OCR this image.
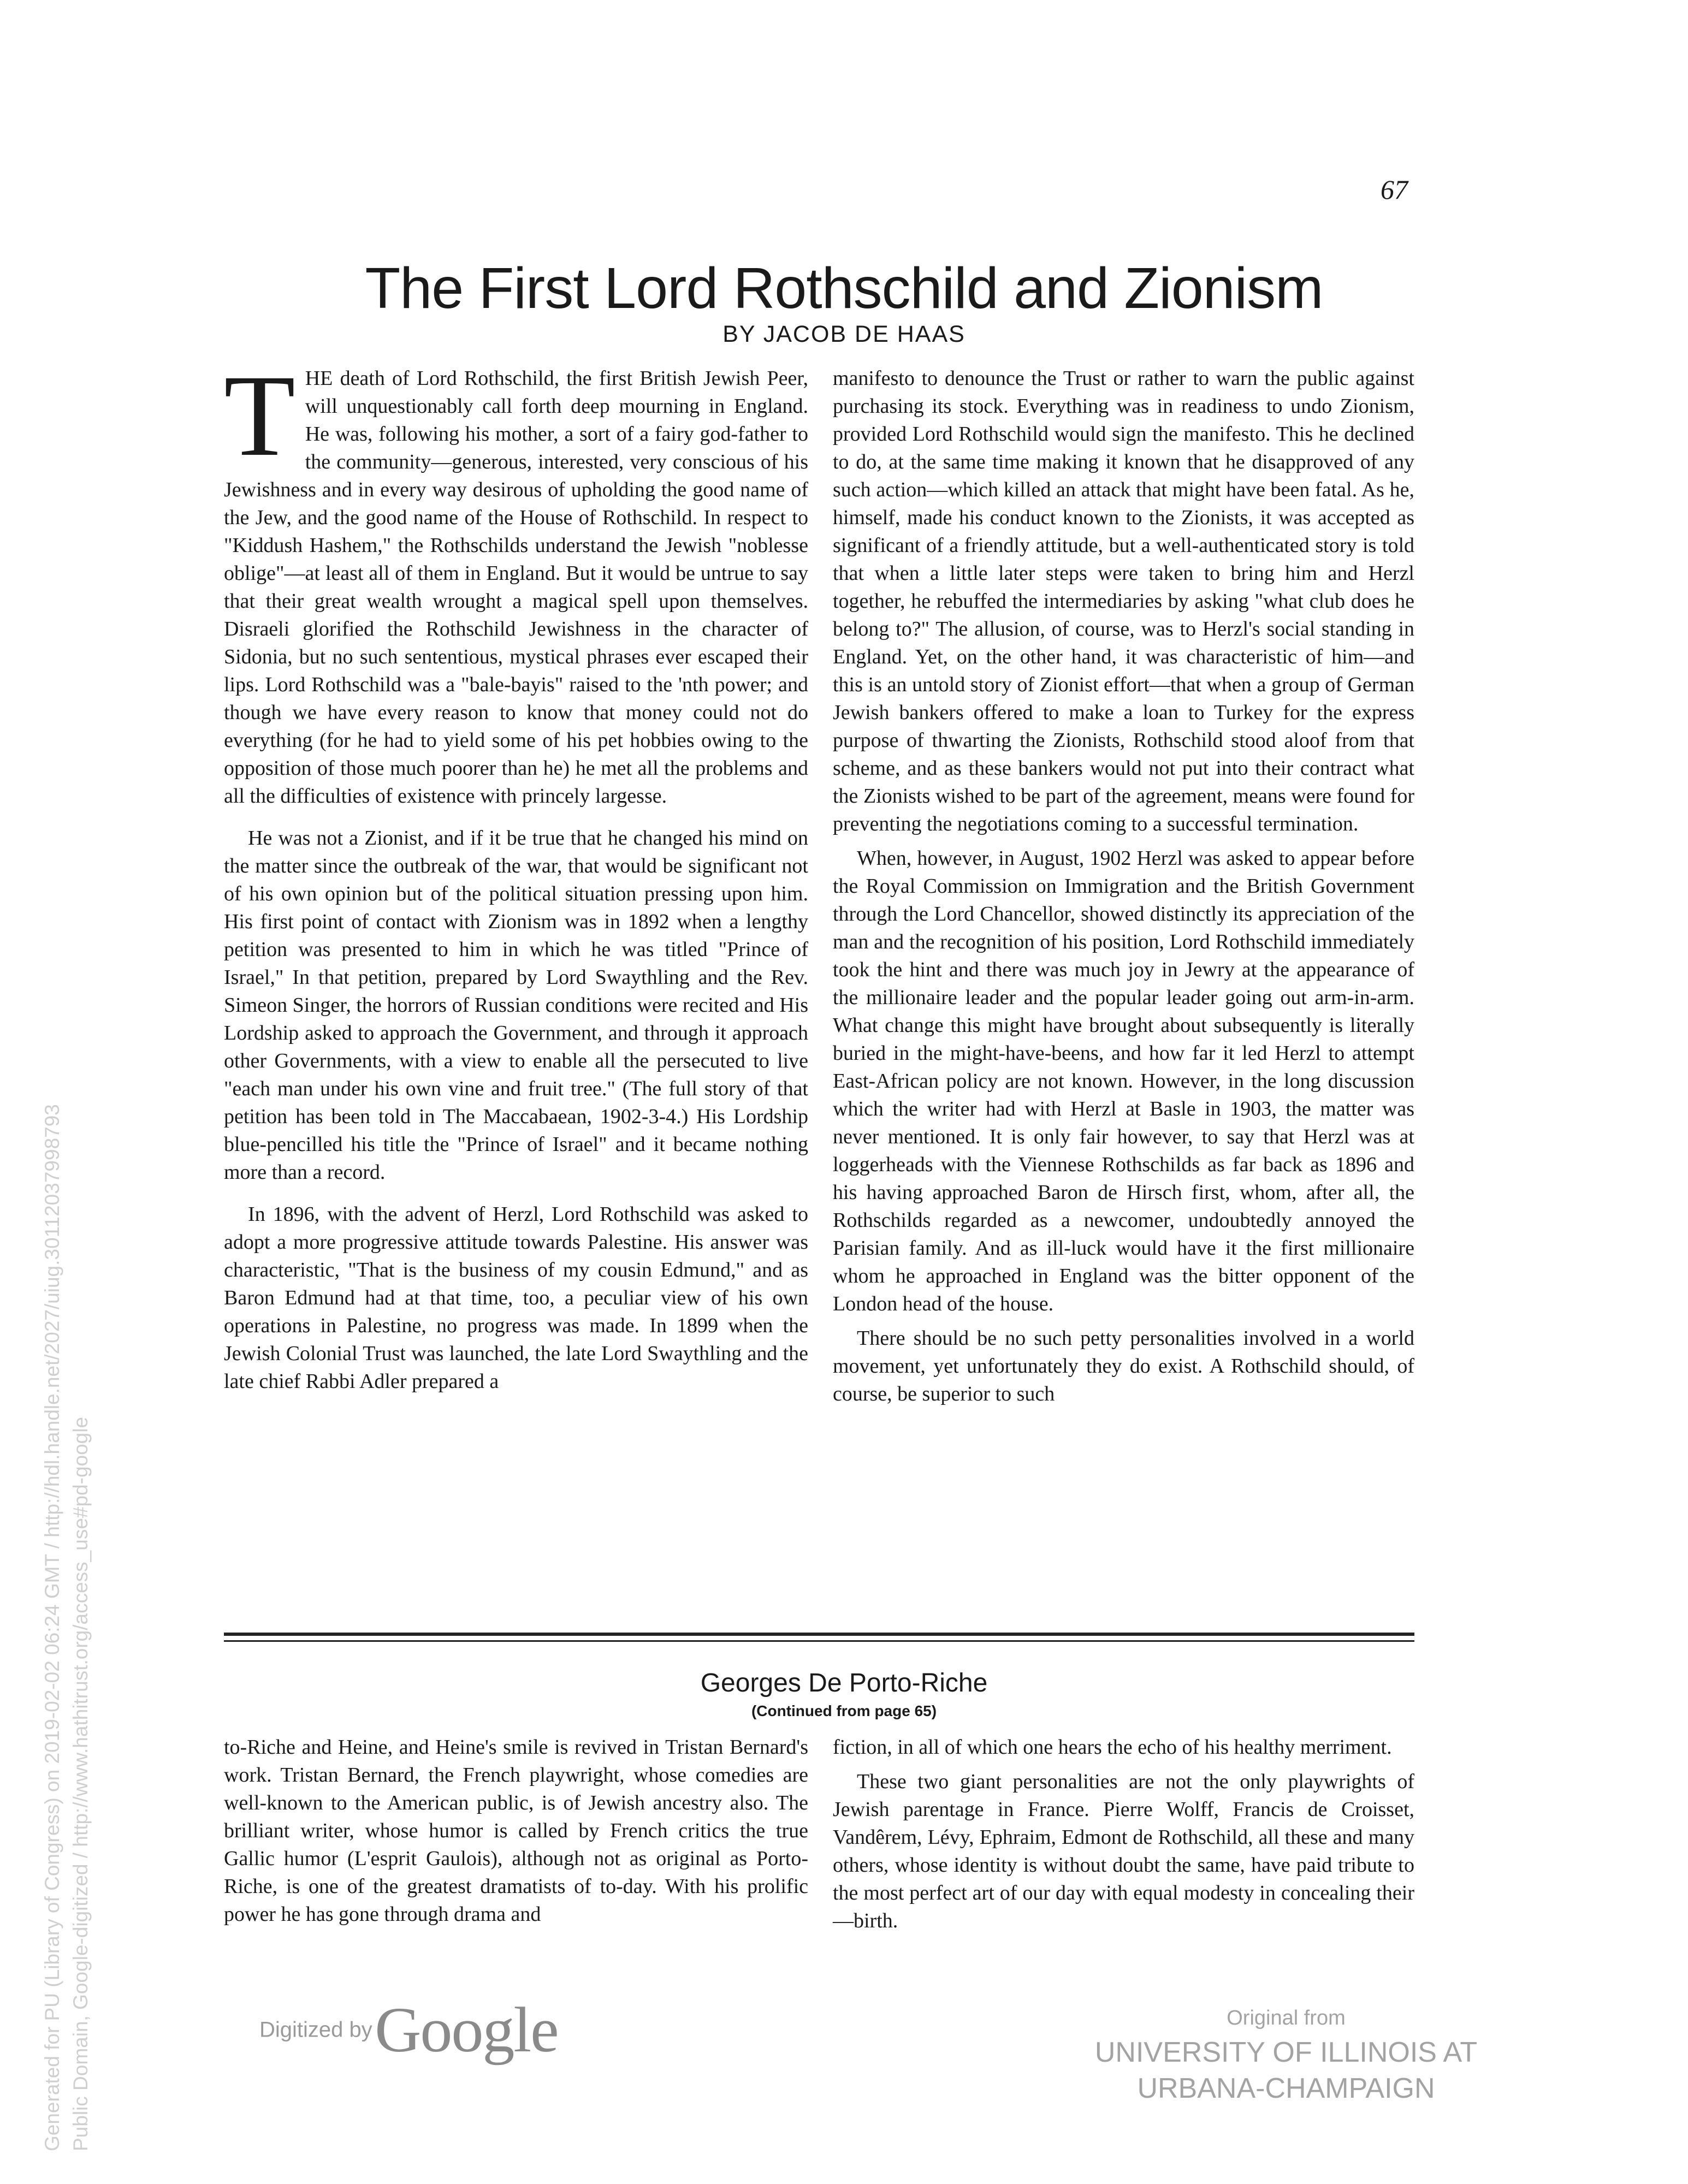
67
The First Lord Rothschild and Zionism
BY JACOB DE HAAS

THE death of Lord Rothschild, the first British Jewish Peer, will unquestionably call forth deep mourning in England. He was, following his mother, a sort of a fairy god-father to the community—generous, interested, very conscious of his Jewishness and in every way desirous of upholding the good name of the Jew, and the good name of the House of Rothschild. In respect to "Kiddush Hashem," the Rothschilds understand the Jewish "noblesse oblige"—at least all of them in England. But it would be untrue to say that their great wealth wrought a magical spell upon themselves. Disraeli glorified the Rothschild Jewishness in the character of Sidonia, but no such sententious, mystical phrases ever escaped their lips. Lord Rothschild was a "bale-bayis" raised to the 'nth power; and though we have every reason to know that money could not do everything (for he had to yield some of his pet hobbies owing to the opposition of those much poorer than he) he met all the problems and all the difficulties of existence with princely largesse.

He was not a Zionist, and if it be true that he changed his mind on the matter since the outbreak of the war, that would be significant not of his own opinion but of the political situation pressing upon him. His first point of contact with Zionism was in 1892 when a lengthy petition was presented to him in which he was titled "Prince of Israel," In that petition, prepared by Lord Swaythling and the Rev. Simeon Singer, the horrors of Russian conditions were recited and His Lordship asked to approach the Government, and through it approach other Governments, with a view to enable all the persecuted to live "each man under his own vine and fruit tree." (The full story of that petition has been told in The Maccabaean, 1902-3-4.) His Lordship blue-pencilled his title the "Prince of Israel" and it became nothing more than a record.

In 1896, with the advent of Herzl, Lord Rothschild was asked to adopt a more progressive attitude towards Palestine. His answer was characteristic, "That is the business of my cousin Edmund," and as Baron Edmund had at that time, too, a peculiar view of his own operations in Palestine, no progress was made. In 1899 when the Jewish Colonial Trust was launched, the late Lord Swaythling and the late chief Rabbi Adler prepared a

manifesto to denounce the Trust or rather to warn the public against purchasing its stock. Everything was in readiness to undo Zionism, provided Lord Rothschild would sign the manifesto. This he declined to do, at the same time making it known that he disapproved of any such action—which killed an attack that might have been fatal. As he, himself, made his conduct known to the Zionists, it was accepted as significant of a friendly attitude, but a well-authenticated story is told that when a little later steps were taken to bring him and Herzl together, he rebuffed the intermediaries by asking "what club does he belong to?" The allusion, of course, was to Herzl's social standing in England. Yet, on the other hand, it was characteristic of him—and this is an untold story of Zionist effort—that when a group of German Jewish bankers offered to make a loan to Turkey for the express purpose of thwarting the Zionists, Rothschild stood aloof from that scheme, and as these bankers would not put into their contract what the Zionists wished to be part of the agreement, means were found for preventing the negotiations coming to a successful termination.

When, however, in August, 1902 Herzl was asked to appear before the Royal Commission on Immigration and the British Government through the Lord Chancellor, showed distinctly its appreciation of the man and the recognition of his position, Lord Rothschild immediately took the hint and there was much joy in Jewry at the appearance of the millionaire leader and the popular leader going out arm-in-arm. What change this might have brought about subsequently is literally buried in the might-have-beens, and how far it led Herzl to attempt East-African policy are not known. However, in the long discussion which the writer had with Herzl at Basle in 1903, the matter was never mentioned. It is only fair however, to say that Herzl was at loggerheads with the Viennese Rothschilds as far back as 1896 and his having approached Baron de Hirsch first, whom, after all, the Rothschilds regarded as a newcomer, undoubtedly annoyed the Parisian family. And as ill-luck would have it the first millionaire whom he approached in England was the bitter opponent of the London head of the house.

There should be no such petty personalities involved in a world movement, yet unfortunately they do exist. A Rothschild should, of course, be superior to such

Georges De Porto-Riche
(Continued from page 65)

to-Riche and Heine, and Heine's smile is revived in Tristan Bernard's work. Tristan Bernard, the French playwright, whose comedies are well-known to the American public, is of Jewish ancestry also. The brilliant writer, whose humor is called by French critics the true Gallic humor (L'esprit Gaulois), although not as original as Porto-Riche, is one of the greatest dramatists of to-day. With his prolific power he has gone through drama and

fiction, in all of which one hears the echo of his healthy merriment.

These two giant personalities are not the only playwrights of Jewish parentage in France. Pierre Wolff, Francis de Croisset, Vandêrem, Lévy, Ephraim, Edmont de Rothschild, all these and many others, whose identity is without doubt the same, have paid tribute to the most perfect art of our day with equal modesty in concealing their—birth.

Digitized by Google	Original from
UNIVERSITY OF ILLINOIS AT
URBANA-CHAMPAIGN
Generated for PU (Library of Congress) on 2019-02-02 06:24 GMT / http://hdl.handle.net/2027/uiug.30112037998793 Public Domain, Google-digitized / http://www.hathitrust.org/access_use#pd-google
